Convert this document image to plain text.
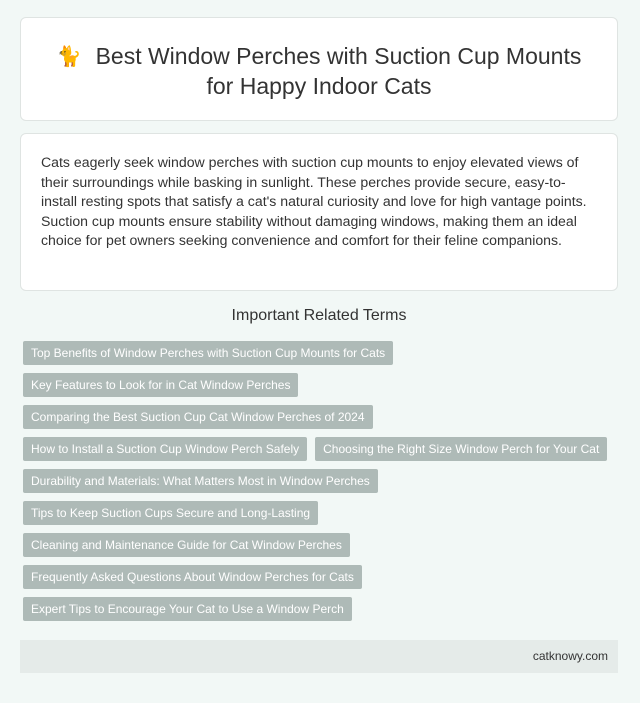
🐈 Best Window Perches with Suction Cup Mounts
for Happy Indoor Cats

Cats eagerly seek window perches with suction cup mounts to enjoy elevated views of their surroundings while basking in sunlight. These perches provide secure, easy-to-install resting spots that satisfy a cat's natural curiosity and love for high vantage points. Suction cup mounts ensure stability without damaging windows, making them an ideal choice for pet owners seeking convenience and comfort for their feline companions.

Important Related Terms
Top Benefits of Window Perches with Suction Cup Mounts for Cats
Key Features to Look for in Cat Window Perches
Comparing the Best Suction Cup Cat Window Perches of 2024
How to Install a Suction Cup Window Perch Safely	Choosing the Right Size Window Perch for Your Cat
Durability and Materials: What Matters Most in Window Perches
Tips to Keep Suction Cups Secure and Long-Lasting
Cleaning and Maintenance Guide for Cat Window Perches
Frequently Asked Questions About Window Perches for Cats
Expert Tips to Encourage Your Cat to Use a Window Perch
catknowy.com
